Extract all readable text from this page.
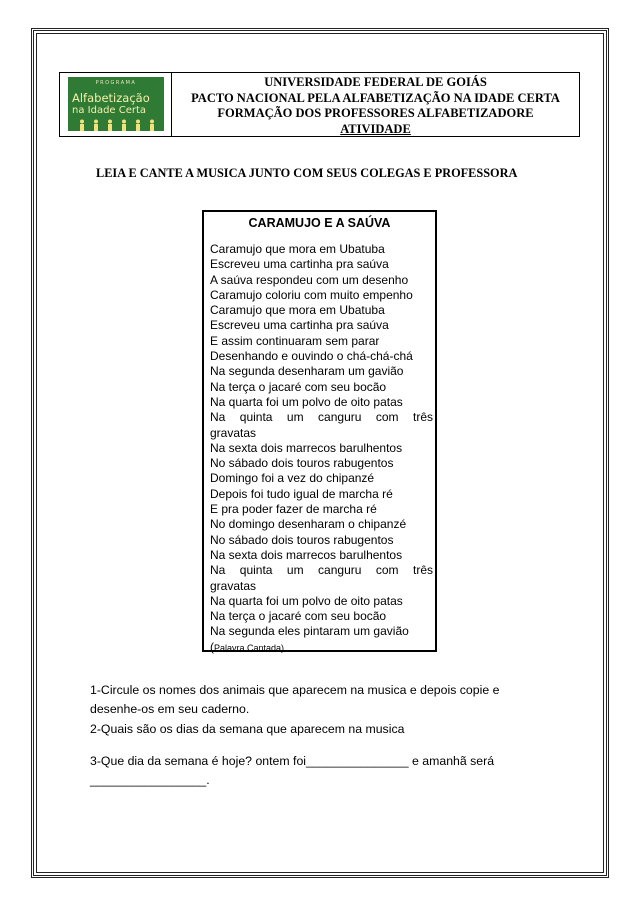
PROGRAMA
Alfabetização
na Idade Certa
UNIVERSIDADE FEDERAL DE GOIÁS
PACTO NACIONAL PELA ALFABETIZAÇÃO NA IDADE CERTA
FORMAÇÃO DOS PROFESSORES ALFABETIZADORE
ATIVIDADE
LEIA E CANTE A MUSICA JUNTO COM SEUS COLEGAS E PROFESSORA
CARAMUJO E A SAÚVA
Caramujo que mora em Ubatuba
Escreveu uma cartinha pra saúva
A saúva respondeu com um desenho
Caramujo coloriu com muito empenho
Caramujo que mora em Ubatuba
Escreveu uma cartinha pra saúva
E assim continuaram sem parar
Desenhando e ouvindo o chá-chá-chá
Na segunda desenharam um gavião
Na terça o jacaré com seu bocão
Na quarta foi um polvo de oito patas
Na quinta um canguru com três
gravatas
Na sexta dois marrecos barulhentos
No sábado dois touros rabugentos
Domingo foi a vez do chipanzé
Depois foi tudo igual de marcha ré
E pra poder fazer de marcha ré
No domingo desenharam o chipanzé
No sábado dois touros rabugentos
Na sexta dois marrecos barulhentos
Na quinta um canguru com três
gravatas
Na quarta foi um polvo de oito patas
Na terça o jacaré com seu bocão
Na segunda eles pintaram um gavião
(Palavra Cantada)
1-Circule os nomes dos animais que aparecem na musica e depois copie e desenhe-os em seu caderno.
2-Quais são os dias da semana que aparecem na musica
3-Que dia da semana é hoje? ontem foi_______________ e amanhã será _________________.
